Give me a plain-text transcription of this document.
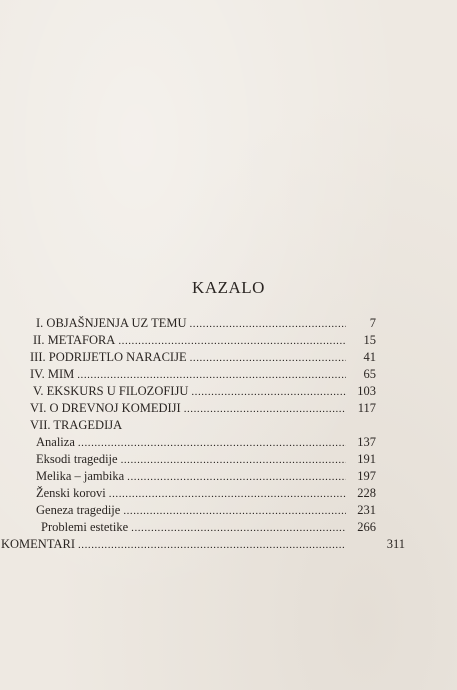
KAZALO
I. OBJAŠNJENJA UZ TEMU . . .	7
II. METAFORA . . .	15
III. PODRIJETLO NARACIJE . . .	41
IV. MIM . . .	65
V. EKSKURS U FILOZOFIJU . . .	103
VI. O DREVNOJ KOMEDIJI . . .	117
VII. TRAGEDIJA
Analiza . . .	137
Eksodi tragedije . . .	191
Melika – jambika . . .	197
Ženski korovi . . .	228
Geneza tragedije . . .	231
Problemi estetike . . .	266
KOMENTARI . . .	311
